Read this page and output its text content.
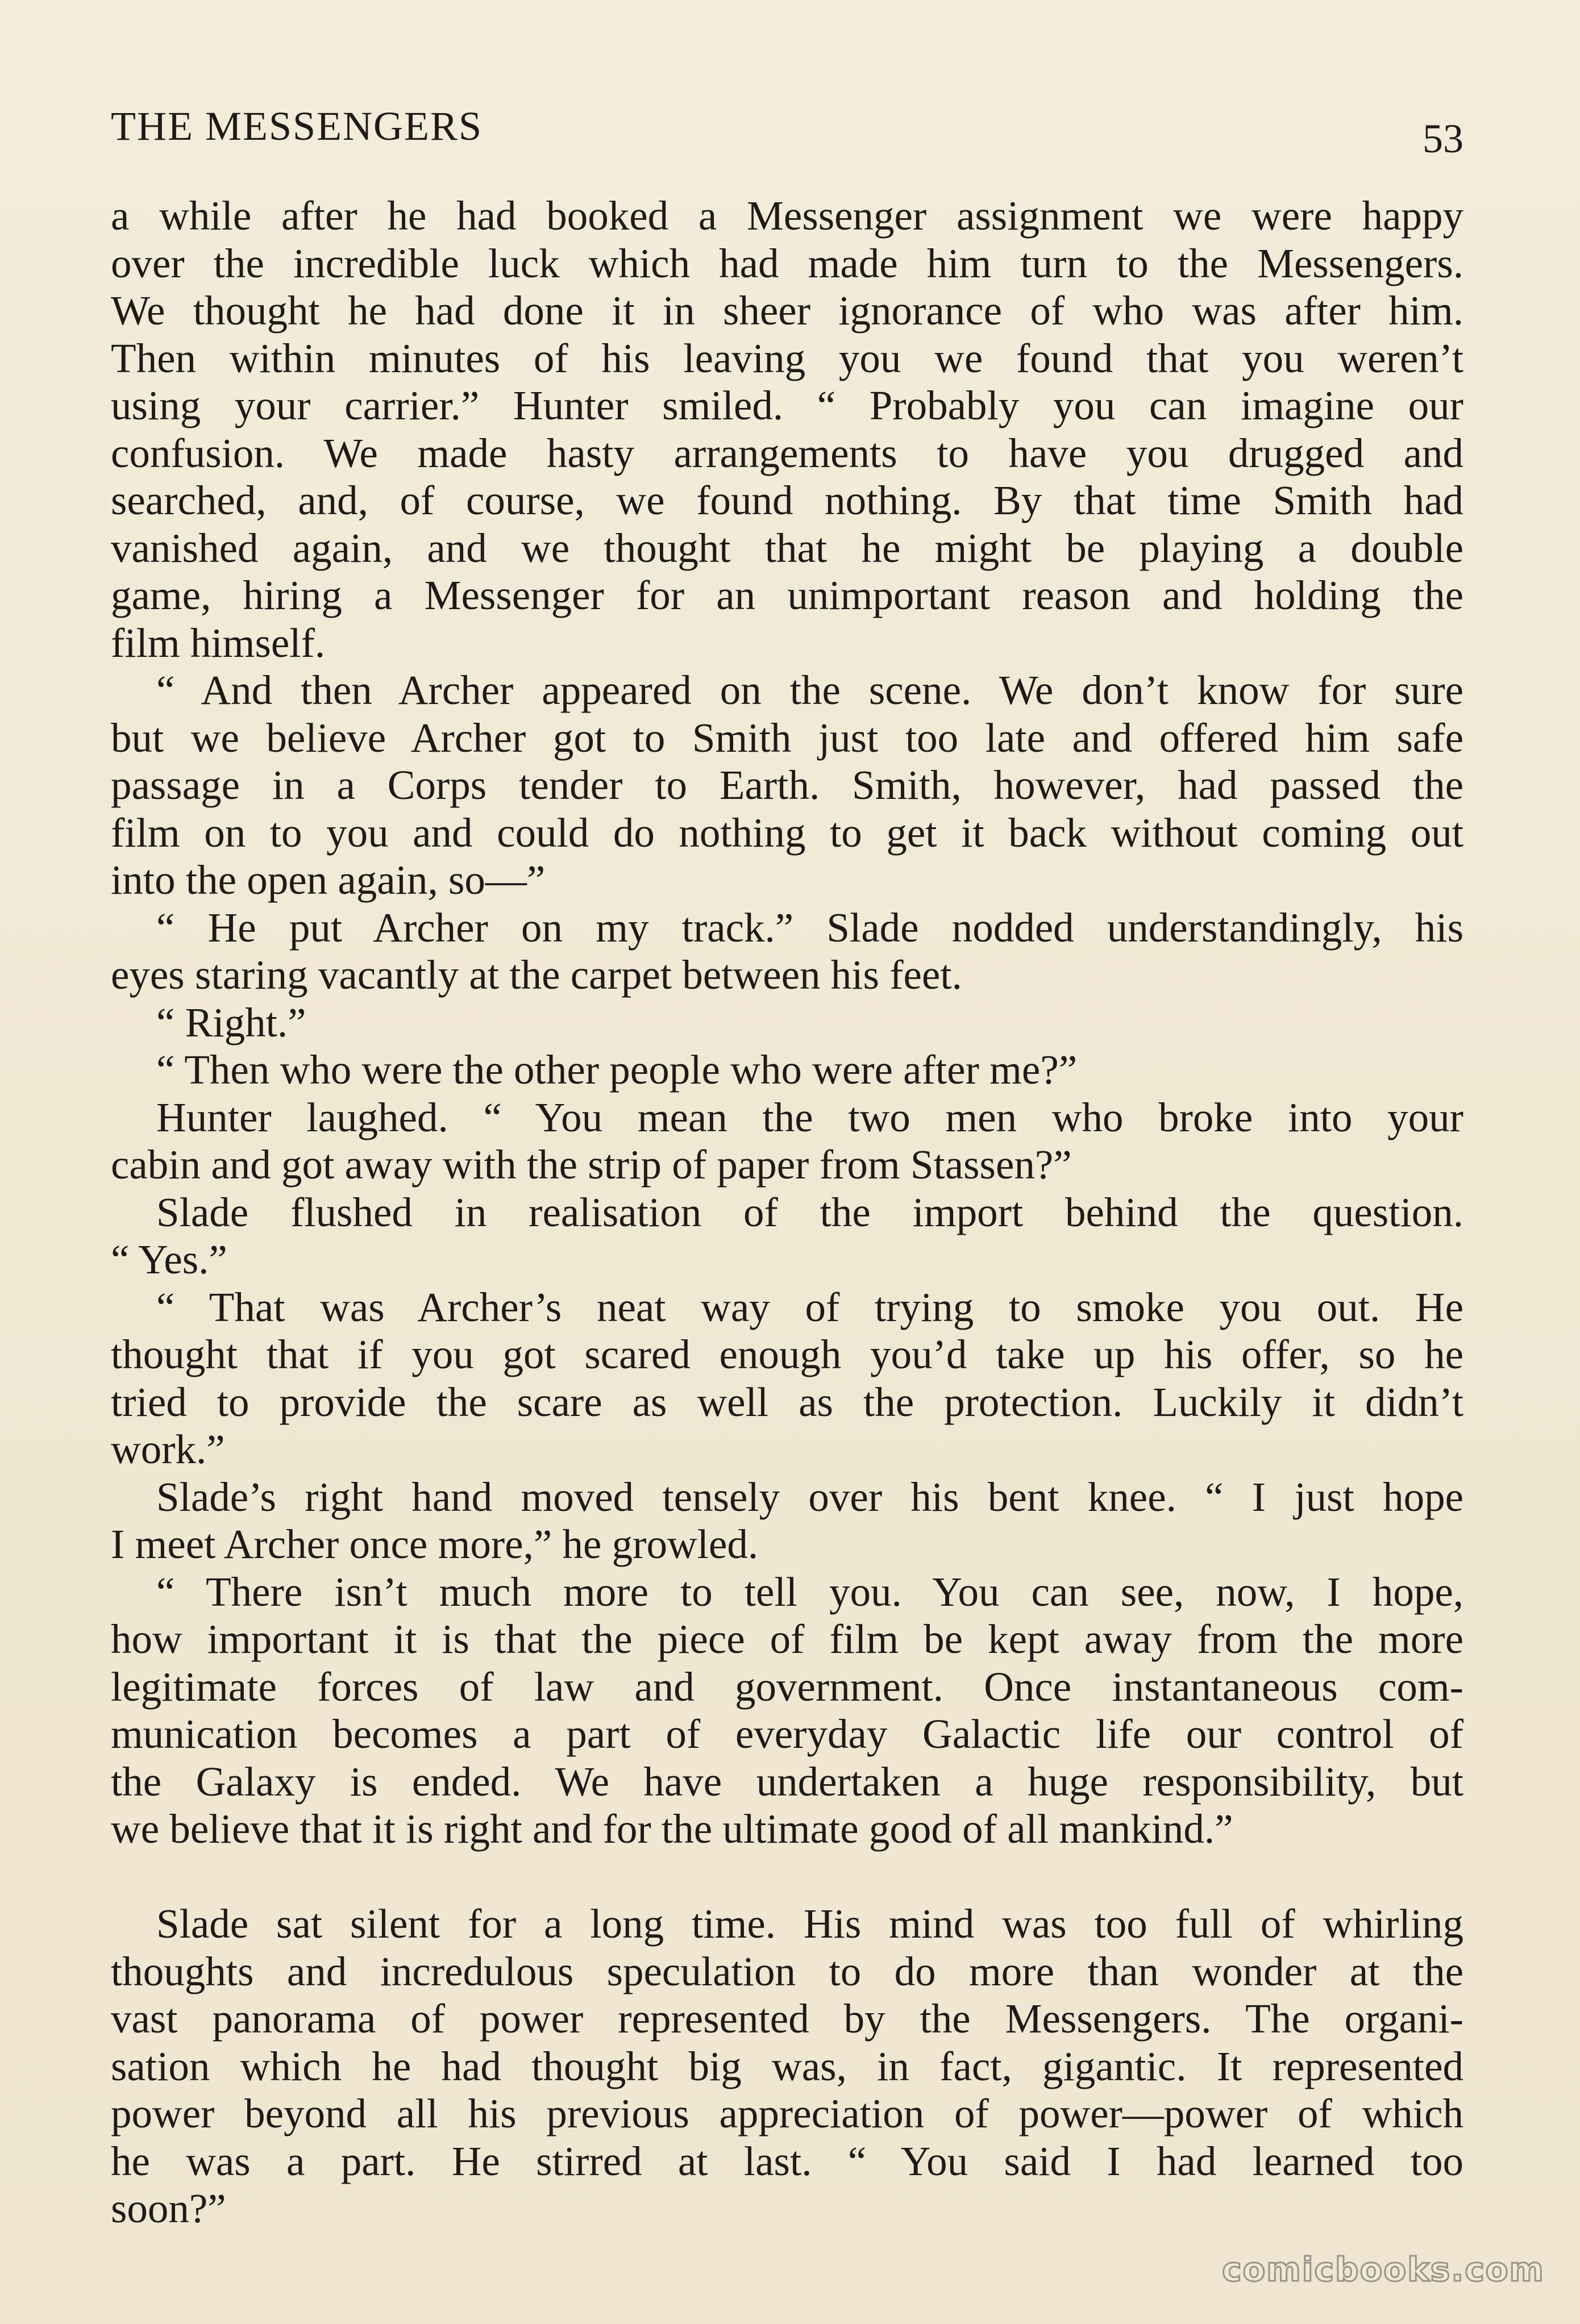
THE MESSENGERS	53
a while after he had booked a Messenger assignment we were happy
over the incredible luck which had made him turn to the Messengers.
We thought he had done it in sheer ignorance of who was after him.
Then within minutes of his leaving you we found that you weren’t
using your carrier.” Hunter smiled. “ Probably you can imagine our
confusion. We made hasty arrangements to have you drugged and
searched, and, of course, we found nothing. By that time Smith had
vanished again, and we thought that he might be playing a double
game, hiring a Messenger for an unimportant reason and holding the
film himself.
“ And then Archer appeared on the scene. We don’t know for sure
but we believe Archer got to Smith just too late and offered him safe
passage in a Corps tender to Earth. Smith, however, had passed the
film on to you and could do nothing to get it back without coming out
into the open again, so—”
“ He put Archer on my track.” Slade nodded understandingly, his
eyes staring vacantly at the carpet between his feet.
“ Right.”
“ Then who were the other people who were after me?”
Hunter laughed. “ You mean the two men who broke into your
cabin and got away with the strip of paper from Stassen?”
Slade flushed in realisation of the import behind the question.
“ Yes.”
“ That was Archer’s neat way of trying to smoke you out. He
thought that if you got scared enough you’d take up his offer, so he
tried to provide the scare as well as the protection. Luckily it didn’t
work.”
Slade’s right hand moved tensely over his bent knee. “ I just hope
I meet Archer once more,” he growled.
“ There isn’t much more to tell you. You can see, now, I hope,
how important it is that the piece of film be kept away from the more
legitimate forces of law and government. Once instantaneous com-
munication becomes a part of everyday Galactic life our control of
the Galaxy is ended. We have undertaken a huge responsibility, but
we believe that it is right and for the ultimate good of all mankind.”
Slade sat silent for a long time. His mind was too full of whirling
thoughts and incredulous speculation to do more than wonder at the
vast panorama of power represented by the Messengers. The organi-
sation which he had thought big was, in fact, gigantic. It represented
power beyond all his previous appreciation of power—power of which
he was a part. He stirred at last. “ You said I had learned too
soon?”
comicbooks.com
